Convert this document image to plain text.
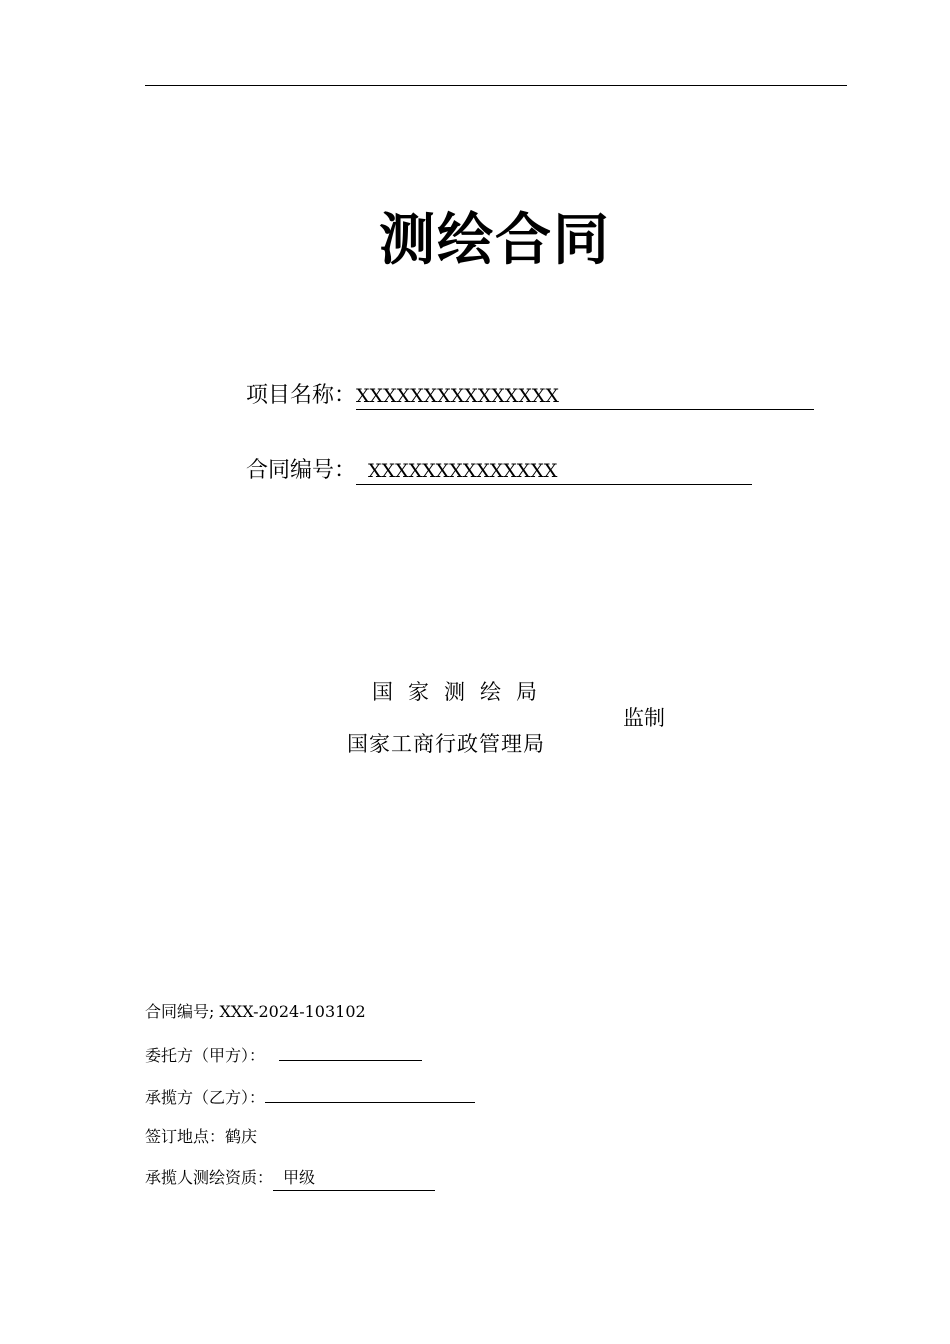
测绘合同
项目名称：XXXXXXXXXXXXXXX
合同编号： XXXXXXXXXXXXXX
国家测绘局
国家工商行政管理局
监制
合同编号; XXX-2024-103102
委托方（甲方）：
承揽方（乙方）：
签订地点：鹤庆
承揽人测绘资质： 甲级
